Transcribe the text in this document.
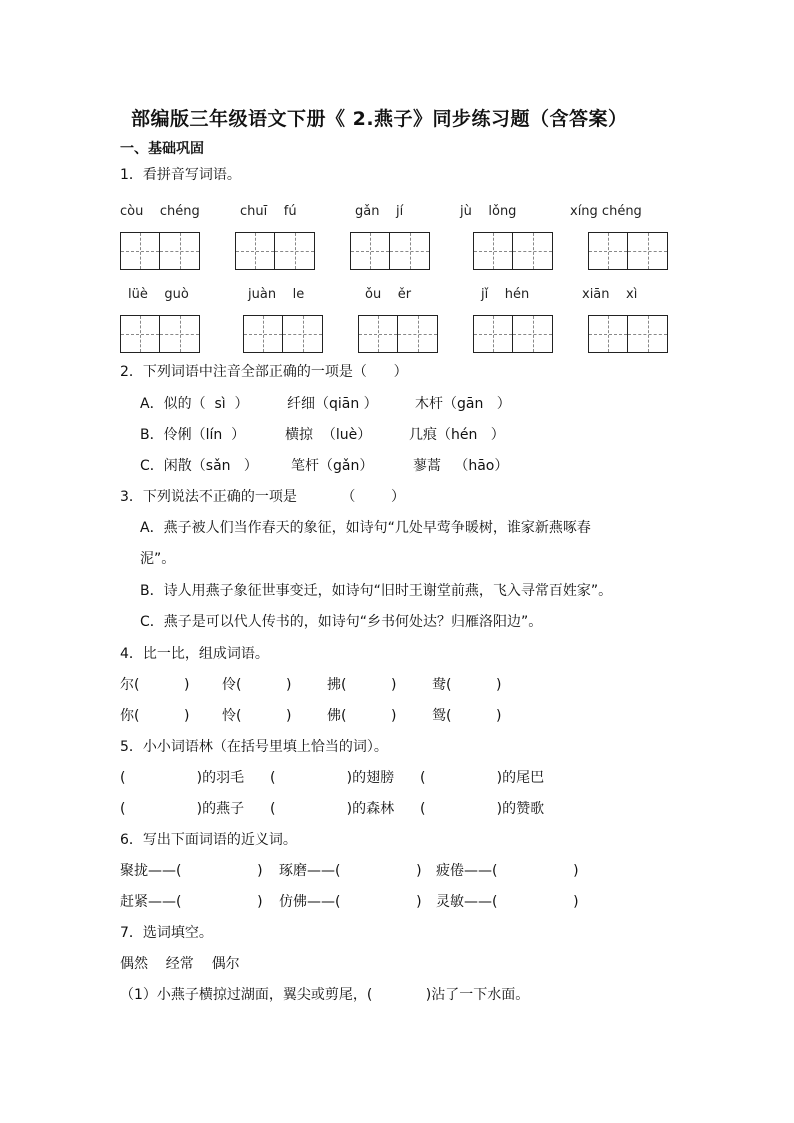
部编版三年级语文下册《 2.燕子》同步练习题（含答案）
一、基础巩固
1．看拼音写词语。
còu    chéng	chuī    fú	gǎn    jí	jù    lǒng	xíng chéng
lüè    guò	juàn    le	ǒu    ěr	jǐ    hén	xiān    xì
2．下列词语中注音全部正确的一项是（      ）
A．似的（  sì  ）	纤细（qiān ）	木杆（gān   ）
B．伶俐（lín  ）	横掠  （luè）	几痕（hén   ）
C．闲散（sǎn   ） 笔杆（gǎn）	蓼蒿   （hāo）
3．下列说法不正确的一项是          （        ）
A．燕子被人们当作春天的象征，如诗句“几处早莺争暖树，谁家新燕啄春
泥”。
B．诗人用燕子象征世事变迁，如诗句“旧时王谢堂前燕，飞入寻常百姓家”。
C．燕子是可以代人传书的，如诗句“乡书何处达？归雁洛阳边”。
4．比一比，组成词语。
尔(          ) 伶(          )	拂(          )	鸯(          )
你(          ) 怜(          )	佛(          )	鸳(          )
5．小小词语林（在括号里填上恰当的词）。
(                )的羽毛 (                )的翅膀 (                )的尾巴
(                )的燕子 (                )的森林 (                )的赞歌
6．写出下面词语的近义词。
聚拢——(                 ) 琢磨——(                 ) 疲倦——(                 )
赶紧——(                 ) 仿佛——(                 ) 灵敏——(                 )
7．选词填空。
偶然    经常    偶尔
（1）小燕子横掠过湖面，翼尖或剪尾，(            )沾了一下水面。
